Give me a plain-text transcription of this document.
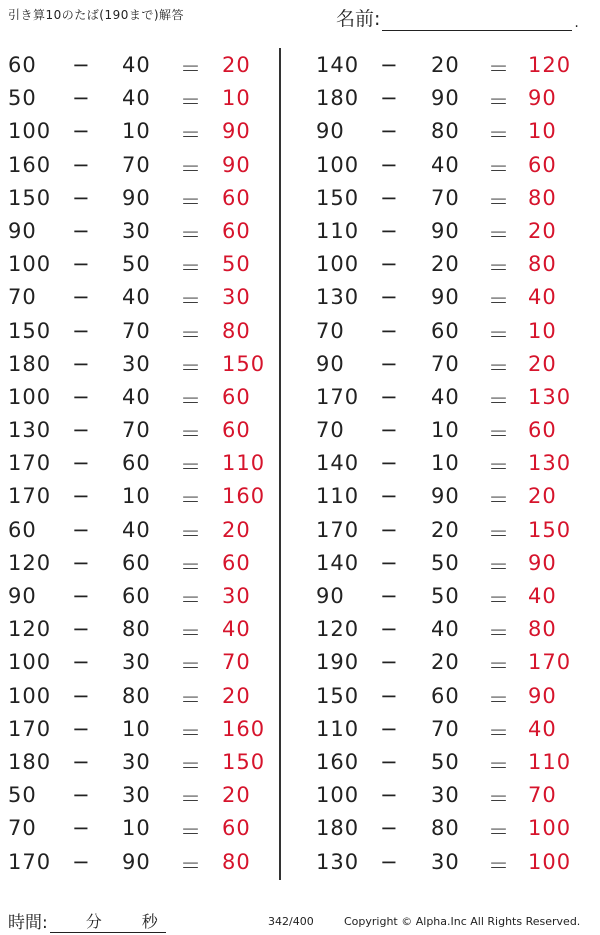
引き算10のたば(190まで)解答	名前:	.
60 − 40 ＝ 20
50 − 40 ＝ 10
100 − 10 ＝ 90
160 − 70 ＝ 90
150 − 90 ＝ 60
90 − 30 ＝ 60
100 − 50 ＝ 50
70 − 40 ＝ 30
150 − 70 ＝ 80
180 − 30 ＝ 150
100 − 40 ＝ 60
130 − 70 ＝ 60
170 − 60 ＝ 110
170 − 10 ＝ 160
60 − 40 ＝ 20
120 − 60 ＝ 60
90 − 60 ＝ 30
120 − 80 ＝ 40
100 − 30 ＝ 70
100 − 80 ＝ 20
170 − 10 ＝ 160
180 − 30 ＝ 150
50 − 30 ＝ 20
70 − 10 ＝ 60
170 − 90 ＝ 80
140 − 20 ＝ 120
180 − 90 ＝ 90
90 − 80 ＝ 10
100 − 40 ＝ 60
150 − 70 ＝ 80
110 − 90 ＝ 20
100 − 20 ＝ 80
130 − 90 ＝ 40
70 − 60 ＝ 10
90 − 70 ＝ 20
170 − 40 ＝ 130
70 − 10 ＝ 60
140 − 10 ＝ 130
110 − 90 ＝ 20
170 − 20 ＝ 150
140 − 50 ＝ 90
90 − 50 ＝ 40
120 − 40 ＝ 80
190 − 20 ＝ 170
150 − 60 ＝ 90
110 − 70 ＝ 40
160 − 50 ＝ 110
100 − 30 ＝ 70
180 − 80 ＝ 100
130 − 30 ＝ 100
時間: 分 秒	342/400	Copyright © Alpha.Inc All Rights Reserved.
